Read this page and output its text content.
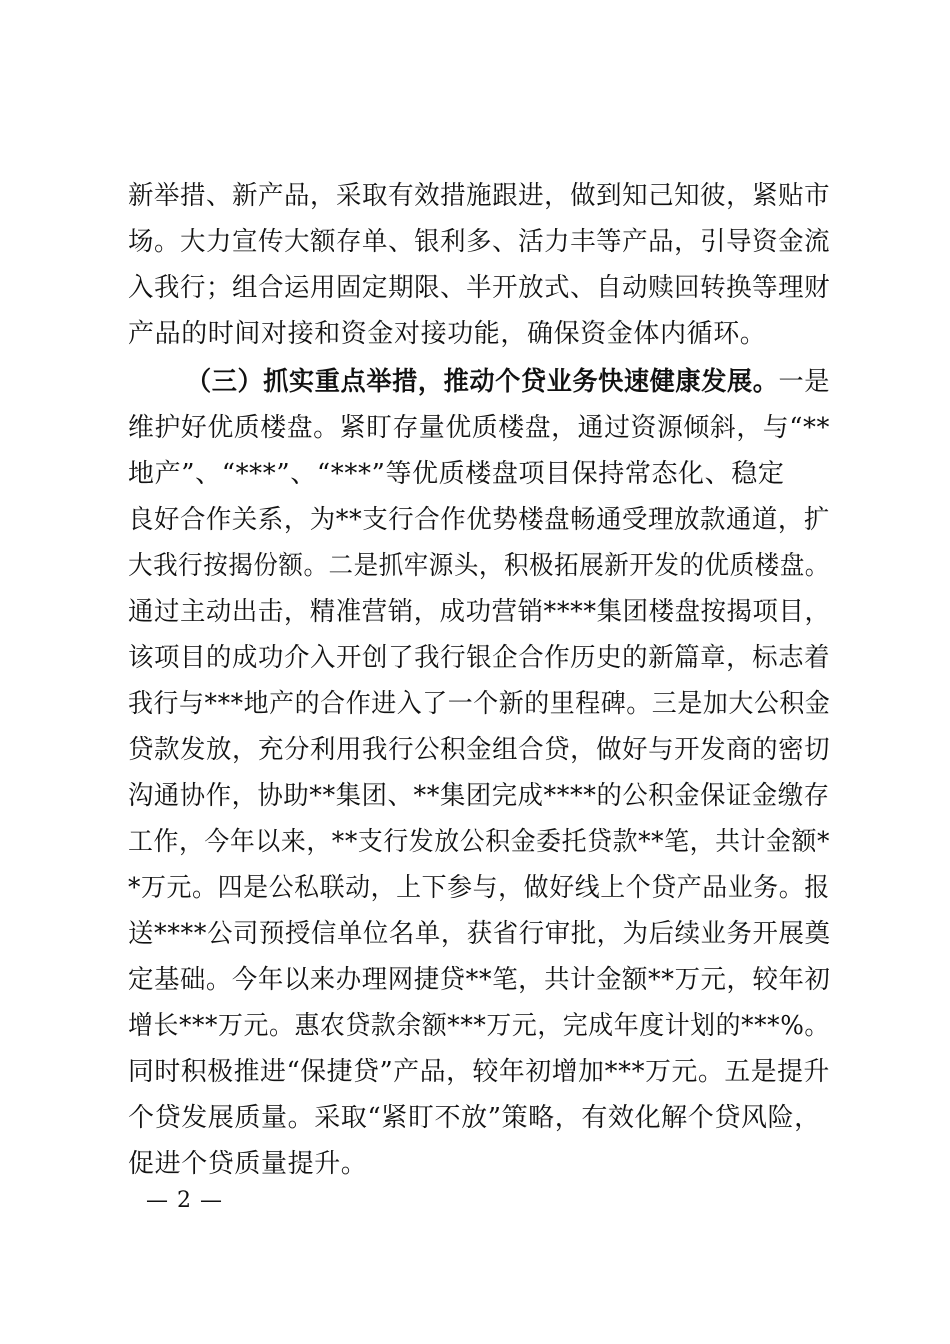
新举措、新产品，采取有效措施跟进，做到知己知彼，紧贴市
场。大力宣传大额存单、银利多、活力丰等产品，引导资金流
入我行；组合运用固定期限、半开放式、自动赎回转换等理财
产品的时间对接和资金对接功能，确保资金体内循环。
（三）抓实重点举措，推动个贷业务快速健康发展。一是
维护好优质楼盘。紧盯存量优质楼盘，通过资源倾斜，与“**
地产”、“***”、“***”等优质楼盘项目保持常态化、稳定
良好合作关系，为**支行合作优势楼盘畅通受理放款通道，扩
大我行按揭份额。二是抓牢源头，积极拓展新开发的优质楼盘。
通过主动出击，精准营销，成功营销****集团楼盘按揭项目，
该项目的成功介入开创了我行银企合作历史的新篇章，标志着
我行与***地产的合作进入了一个新的里程碑。三是加大公积金
贷款发放，充分利用我行公积金组合贷，做好与开发商的密切
沟通协作，协助**集团、**集团完成****的公积金保证金缴存
工作，今年以来，**支行发放公积金委托贷款**笔，共计金额*
*万元。四是公私联动，上下参与，做好线上个贷产品业务。报
送****公司预授信单位名单，获省行审批，为后续业务开展奠
定基础。今年以来办理网捷贷**笔，共计金额**万元，较年初
增长***万元。惠农贷款余额***万元，完成年度计划的***%。
同时积极推进“保捷贷”产品，较年初增加***万元。五是提升
个贷发展质量。采取“紧盯不放”策略，有效化解个贷风险，
促进个贷质量提升。
— 2 —
